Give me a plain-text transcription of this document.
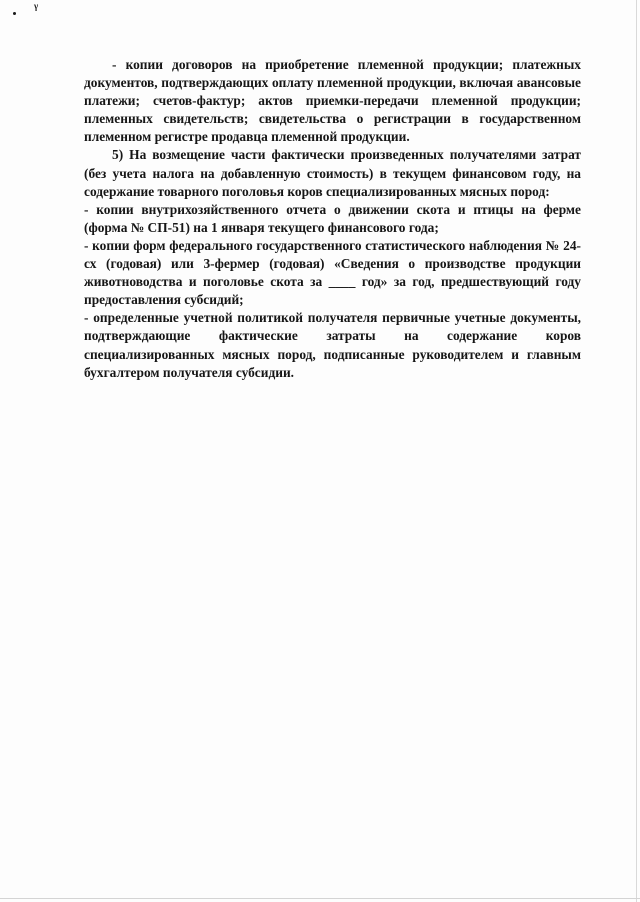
ᵞ

- копии договоров на приобретение племенной продукции; платежных документов, подтверждающих оплату племенной продукции, включая авансовые платежи; счетов-фактур; актов приемки-передачи племенной продукции; племенных свидетельств; свидетельства о регистрации в государственном племенном регистре продавца племенной продукции.

5) На возмещение части фактически произведенных получателями затрат (без учета налога на добавленную стоимость) в текущем финансовом году, на содержание товарного поголовья коров специализированных мясных пород:

- копии внутрихозяйственного отчета о движении скота и птицы на ферме (форма № СП-51) на 1 января текущего финансового года;

- копии форм федерального государственного статистического наблюдения № 24-сх (годовая) или 3-фермер (годовая) «Сведения о производстве продукции животноводства и поголовье скота за ____ год» за год, предшествующий году предоставления субсидий;

- определенные учетной политикой получателя первичные учетные документы, подтверждающие фактические затраты на содержание коров специализированных мясных пород, подписанные руководителем и главным бухгалтером получателя субсидии.
